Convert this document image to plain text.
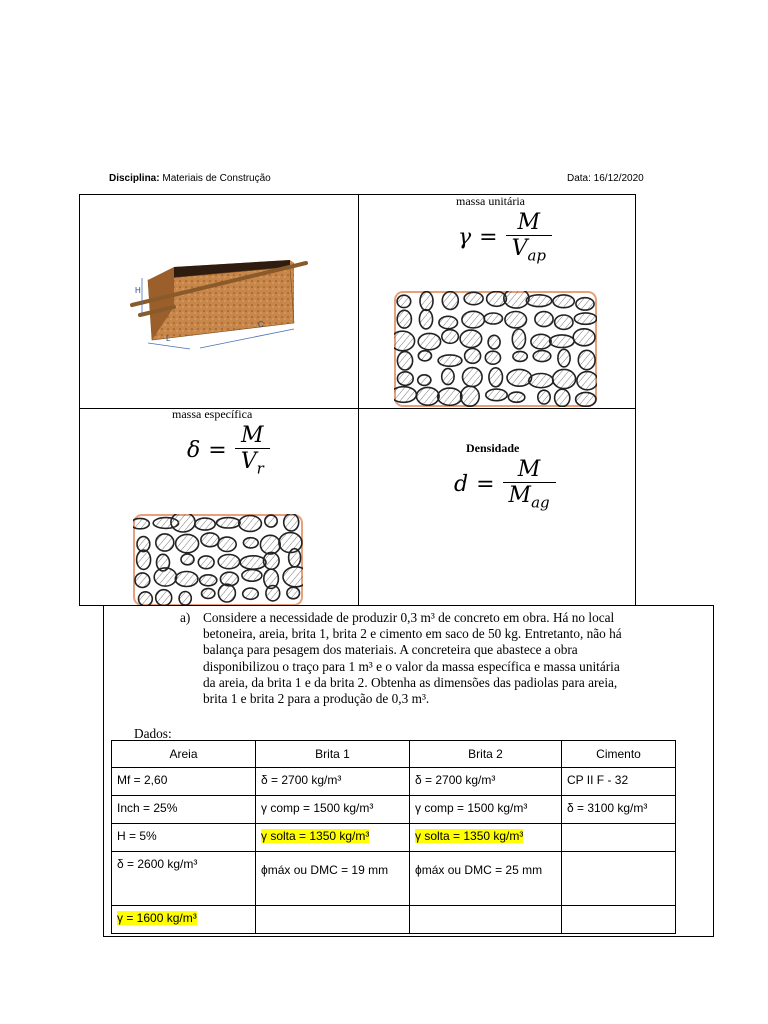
Disciplina: Materiais de Construção	Data: 16/12/2020
H
L
C
massa unitária
$\gamma = \frac{M}{V_{ap}}$
massa específica
$\delta = \frac{M}{V_r}$	Densidade
$d = \frac{M}{M_{ag}}$
a) Considere a necessidade de produzir 0,3 m³ de concreto em obra. Há no local
betoneira, areia, brita 1, brita 2 e cimento em saco de 50 kg. Entretanto, não há
balança para pesagem dos materiais. A concreteira que abastece a obra
disponibilizou o traço para 1 m³ e o valor da massa específica e massa unitária
da areia, da brita 1 e da brita 2. Obtenha as dimensões das padiolas para areia,
brita 1 e brita 2 para a produção de 0,3 m³.
Dados:
Areia	Brita 1	Brita 2	Cimento
Mf = 2,60	δ = 2700 kg/m³	δ = 2700 kg/m³	CP II F - 32
Inch = 25%	γ comp = 1500 kg/m³	γ comp = 1500 kg/m³	δ = 3100 kg/m³
H = 5%	γ solta = 1350 kg/m³	γ solta = 1350 kg/m³	
δ = 2600 kg/m³	ϕmáx ou DMC = 19 mm	ϕmáx ou DMC = 25 mm	
γ = 1600 kg/m³			
